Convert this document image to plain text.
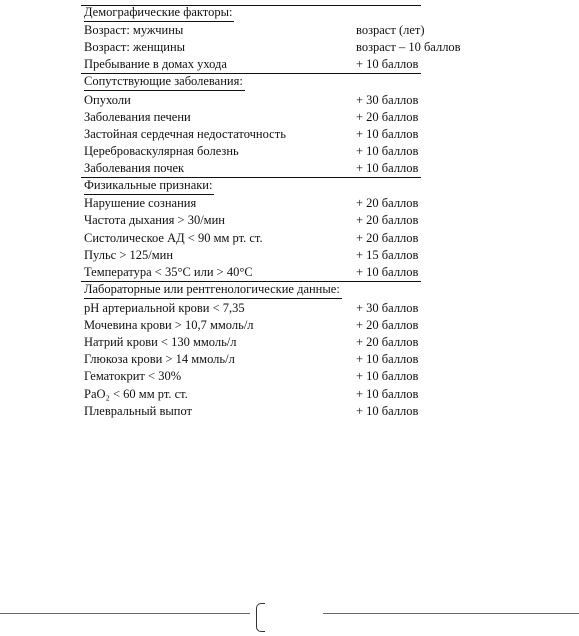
Демографические факторы:
Возраст: мужчины	возраст (лет)
Возраст: женщины	возраст – 10 баллов
Пребывание в домах ухода	+ 10 баллов
Сопутствующие заболевания:
Опухоли	+ 30 баллов
Заболевания печени	+ 20 баллов
Застойная сердечная недостаточность	+ 10 баллов
Цереброваскулярная болезнь	+ 10 баллов
Заболевания почек	+ 10 баллов
Физикальные признаки:
Нарушение сознания	+ 20 баллов
Частота дыхания > 30/мин	+ 20 баллов
Систолическое АД < 90 мм рт. ст.	+ 20 баллов
Пульс > 125/мин	+ 15 баллов
Температура < 35°С или > 40°С	+ 10 баллов
Лабораторные или рентгенологические данные:
рН артериальной крови < 7,35	+ 30 баллов
Мочевина крови > 10,7 ммоль/л	+ 20 баллов
Натрий крови < 130 ммоль/л	+ 20 баллов
Глюкоза крови > 14 ммоль/л	+ 10 баллов
Гематокрит < 30%	+ 10 баллов
PaO₂ < 60 мм рт. ст.	+ 10 баллов
Плевральный выпот	+ 10 баллов
